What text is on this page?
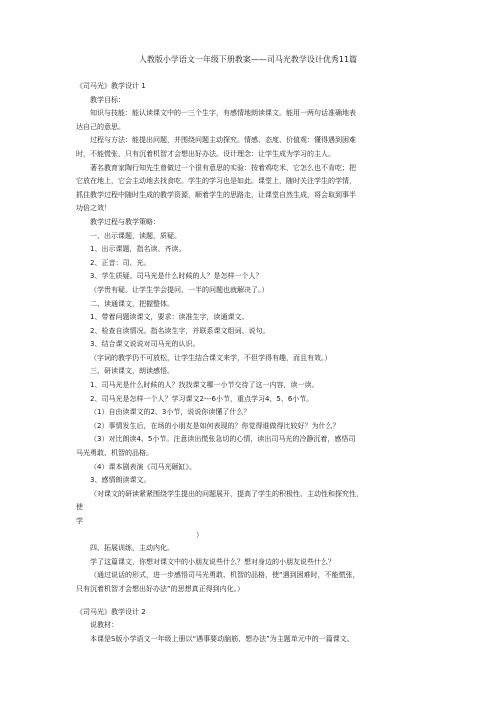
人教版小学语文一年级下册教案——司马光教学设计优秀11篇
《司马光》教学设计 1
教学目标：
知识与技能：能认读课文中的一三个生字，有感情地朗读课文。能用一两句话准确地表
达自己的意思。
过程与方法：能提出问题，并围绕问题主动探究。情感、态度、价值观：懂得遇到困难
时，不能慌张，只有沉着机智才会想出好办法。设计理念：让学生成为学习的主人。
著名教育家陶行知先生曾做过一个很有意思的实验：按着鸡吃米，它怎么也不肯吃；把
它放在地上，它会主动地去找食吃。学生的学习也是如此。课堂上，随时关注学生的学情，
抓住教学过程中随时生成的教学资源，顺着学生的思路走，让课堂自然生成，将会取到事半
功倍之效！
教学过程与教学策略：
一、出示课题，读题，质疑。
1、出示课题，指名读、齐读。
2、正音：司、光。
3、学生质疑。司马光是什么时候的人？是怎样一个人？
（学贵有疑。让学生学会提问，一半的问题也就解决了。）
二、读通课文，把握整体。
1、带着问题读课文，要求：读准生字，读通课文。
2、检查自读情况。指名读生字，并联系课文组词、说句。
3、结合课文说说对司马光的认识。
（字词的教学仍不可放松，让学生结合课文来学，不但学得有趣，而且有效。）
三、研读课文，朗读感悟。
1、司马光是什么时候的人？找找课文哪一小节交待了这一内容，读一读。
2、司马光是怎样一个人？学习课文2---6小节，重点学习4、5、6小节。
（1）自由读课文的2、3小节，说说你读懂了什么？
（2）事情发生后，在场的小朋友是如何表现的？你觉得谁做得比较好？为什么？
（3）对比朗读4、5小节。注意读出慌张急切的心情，读出司马光的冷静沉着，感悟司
马光勇敢、机智的品格。
（4）课本剧表演《司马光砸缸》。
3、感情朗读课文。
（对课文的研读紧紧围绕学生提出的问题展开，提高了学生的积极性、主动性和探究性，
使
学
）
四、拓展训练，主动内化。
学了这篇课文，你想对课文中的小朋友说些什么？想对身边的小朋友说些什么？
（通过说话的形式，进一步感悟司马光勇敢、机智的品格，使“遇到困难时，不能慌张，
只有沉着机智才会想出好办法”的思想真正得到内化。）
《司马光》教学设计 2
说教材：
本课是S版小学语文一年级上册以“遇事要动脑筋、想办法”为主题单元中的一篇课文。
